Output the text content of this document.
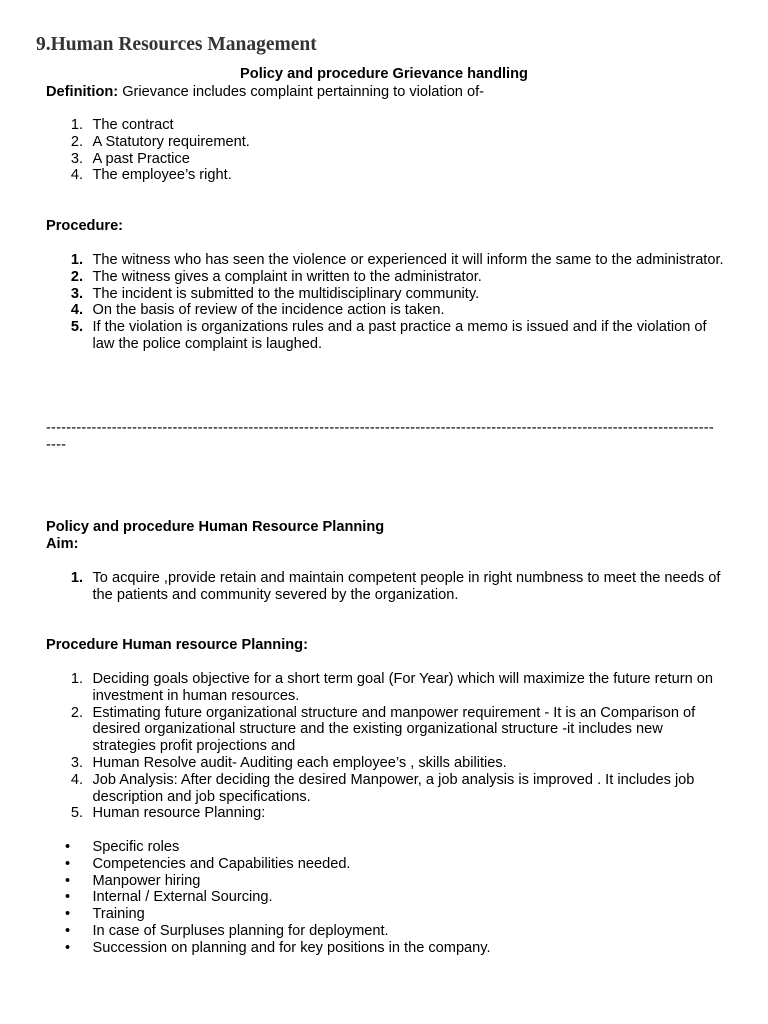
9.Human Resources Management

Policy and procedure Grievance handling

Definition: Grievance includes complaint pertainning to violation of-

1. The contract
2. A Statutory requirement.
3. A past Practice
4. The employee’s right.

Procedure:

1. The witness who has seen the violence or experienced it will inform the same to the administrator.
2. The witness gives a complaint in written to the administrator.
3. The incident is submitted to the multidisciplinary community.
4. On the basis of review of the incidence action is taken.
5. If the violation is organizations rules and a past practice a memo is issued and if the violation of law the police complaint is laughed.

----------------------------------------------------------------------------------------------------------------------------------------

Policy and procedure Human Resource Planning

Aim:

1. To acquire ,provide retain and maintain competent people in right numbness to meet the needs of the patients and community severed by the organization.

Procedure Human resource Planning:

1. Deciding goals objective for a short term goal (For Year) which will maximize the future return on investment in human resources.
2. Estimating future organizational structure and manpower requirement - It is an Comparison of desired organizational structure and the existing organizational structure -it includes new strategies profit projections and
3. Human Resolve audit- Auditing each employee’s , skills abilities.
4. Job Analysis: After deciding the desired Manpower, a job analysis is improved . It includes job description and job specifications.
5. Human resource Planning:
• Specific roles
• Competencies and Capabilities needed.
• Manpower hiring
• Internal / External Sourcing.
• Training
• In case of Surpluses planning for deployment.
• Succession on planning and for key positions in the company.
